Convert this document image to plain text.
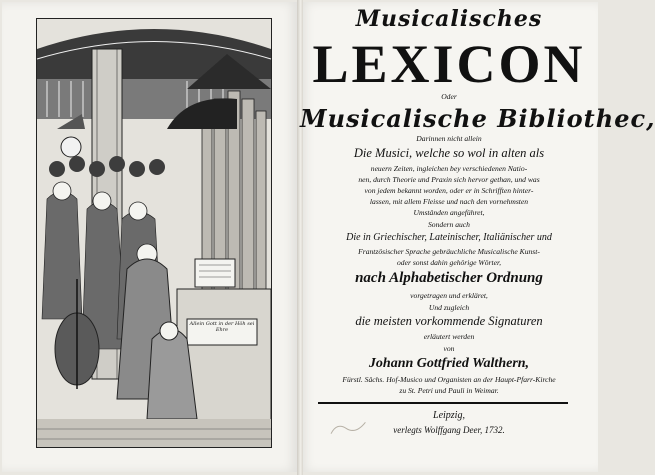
Allein Gott in der Höh sei Ehre
Musicalisches
LEXICON
Oder
Musicalische Bibliothec,
Darinnen nicht allein
Die Musici, welche so wol in alten als
neuern Zeiten, ingleichen bey verschiedenen Natio-
nen, durch Theorie und Praxin sich hervor gethan, und was
von jedem bekannt worden, oder er in Schrifften hinter-
lassen, mit allem Fleisse und nach den vornehmsten
Umständen angeführet,
Sondern auch
Die in Griechischer, Lateinischer, Italiänischer und
Frantzösischer Sprache gebräuchliche Musicalische Kunst-
oder sonst dahin gehörige Wörter,
nach Alphabetischer Ordnung
vorgetragen und erkläret,
Und zugleich
die meisten vorkommende Signaturen
erläutert werden
von
Johann Gottfried Walthern,
Fürstl. Sächs. Hof-Musico und Organisten an der Haupt-Pfarr-Kirche
zu St. Petri und Pauli in Weimar.
Leipzig,
verlegts Wolffgang Deer, 1732.
